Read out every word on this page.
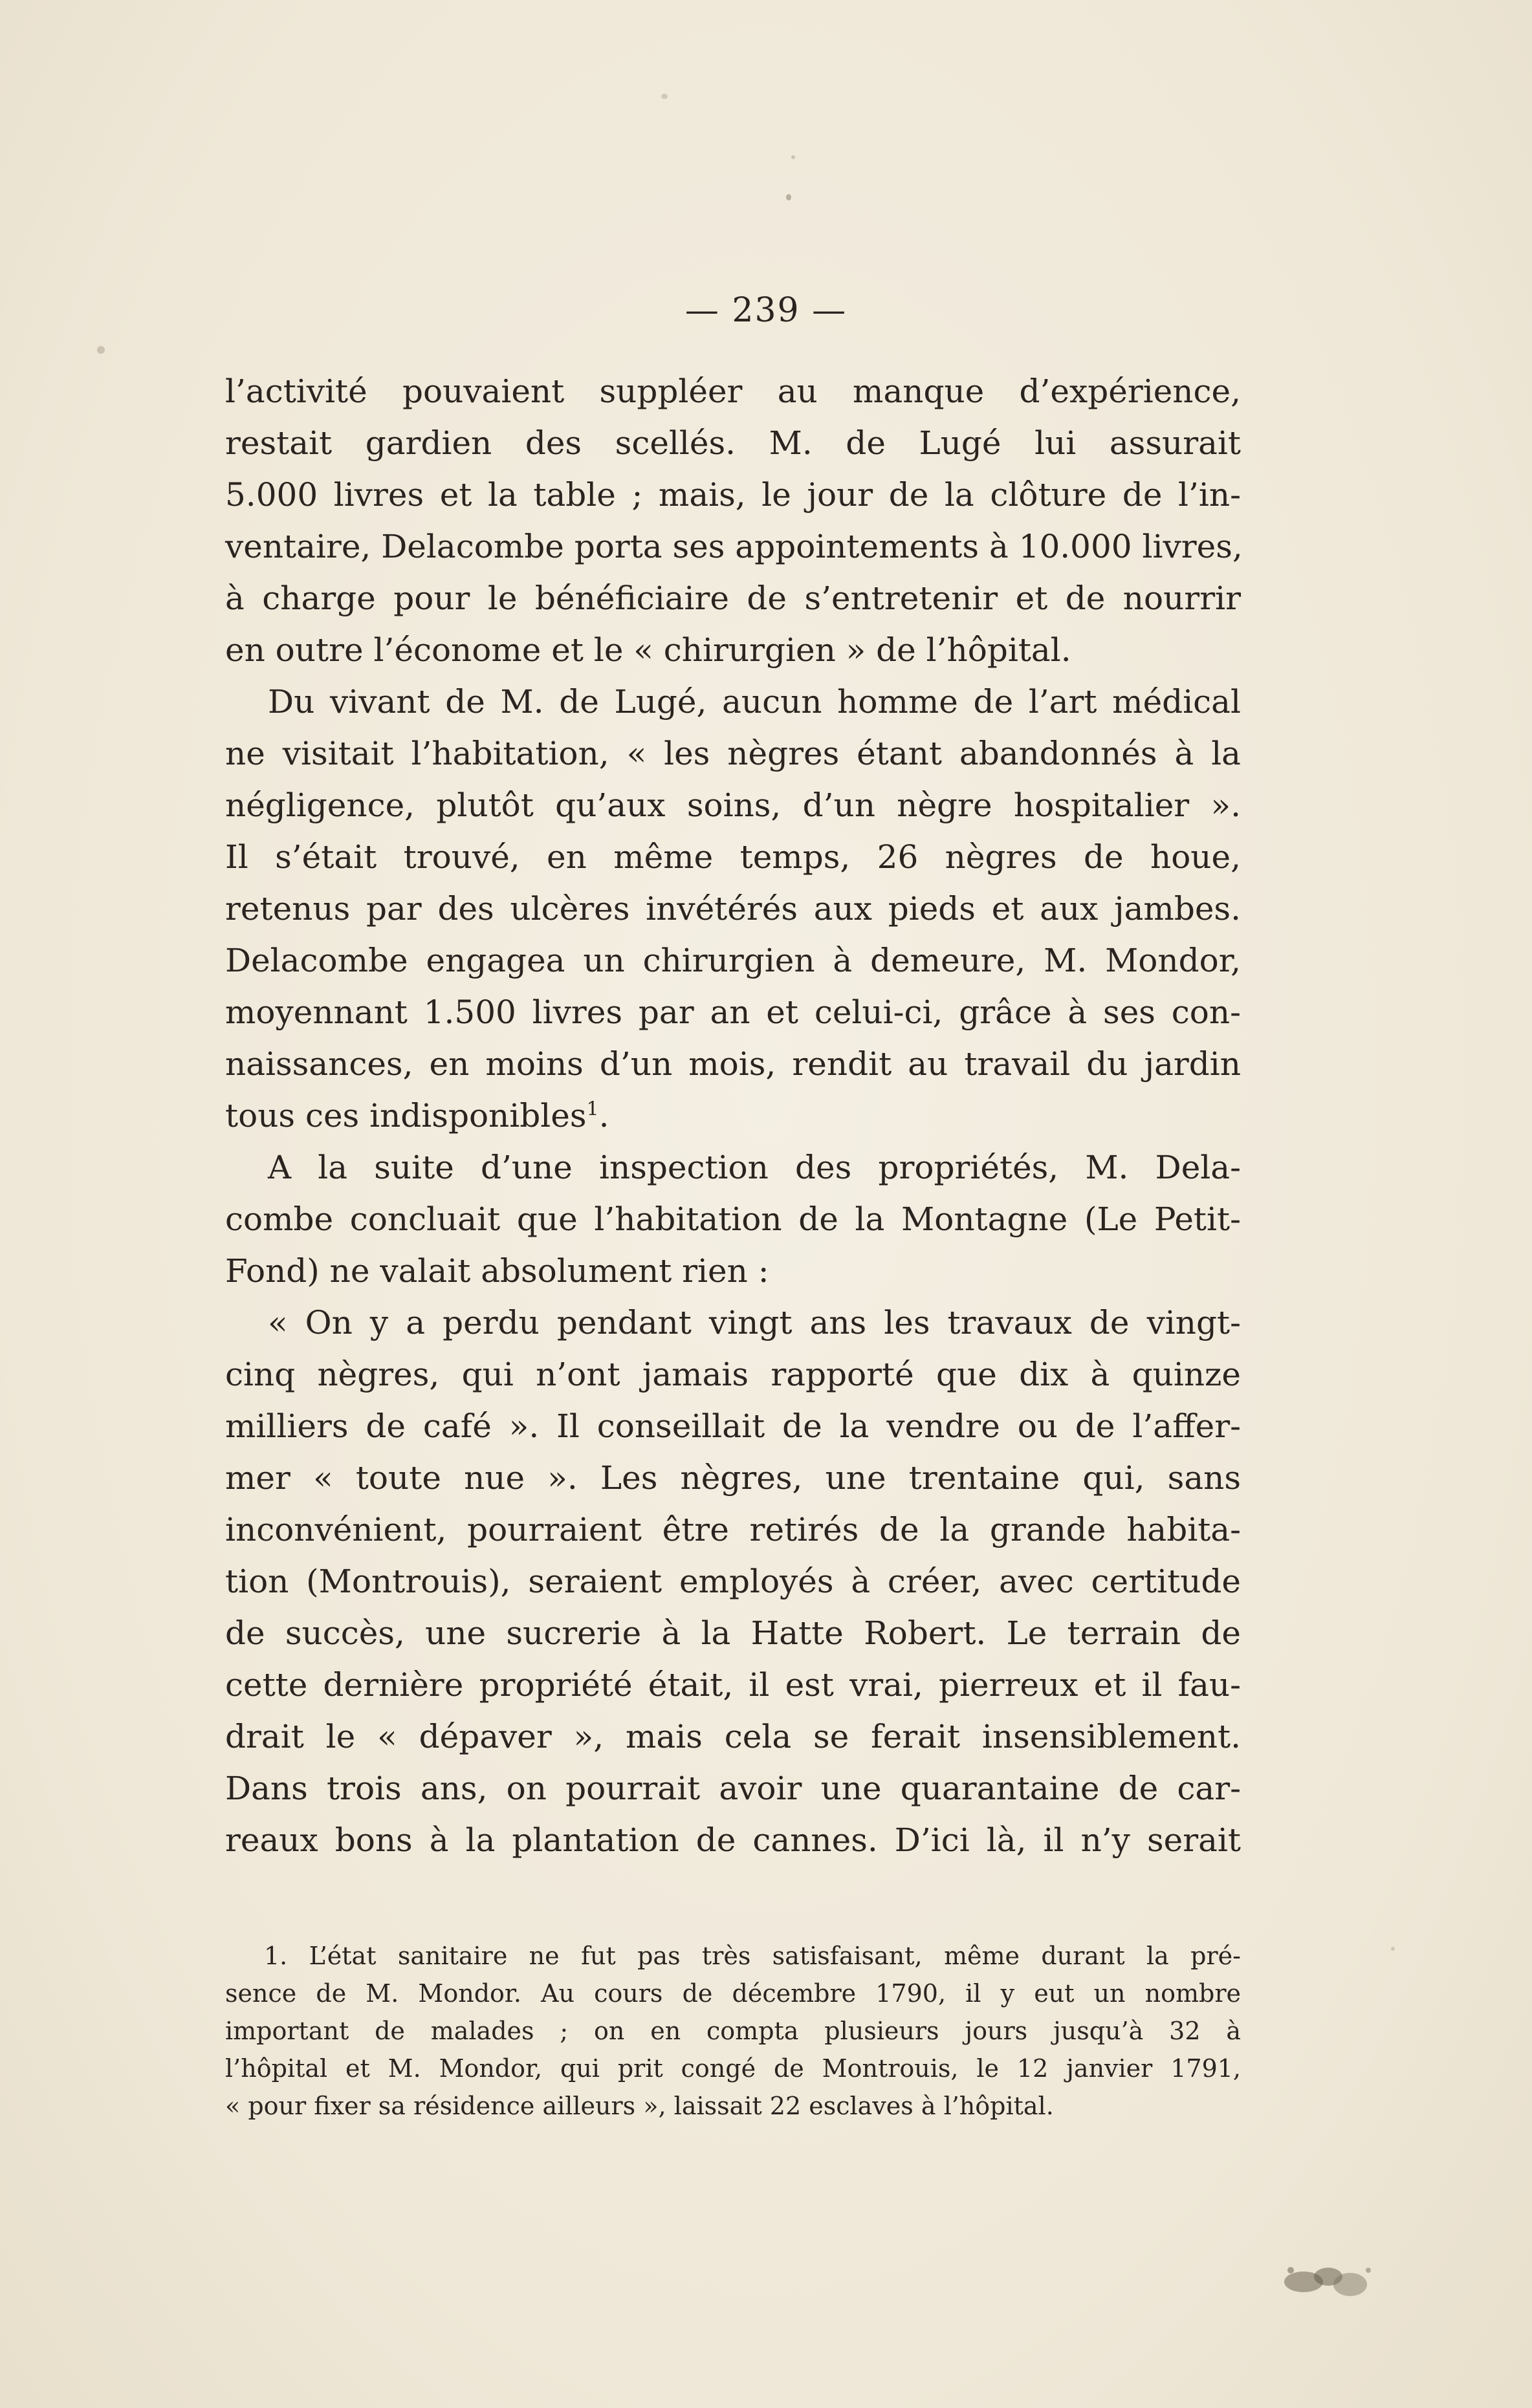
— 239 —
l’activité pouvaient suppléer au manque d’expérience,
restait gardien des scellés. M. de Lugé lui assurait
5.000 livres et la table ; mais, le jour de la clôture de l’in-
ventaire, Delacombe porta ses appointements à 10.000 livres,
à charge pour le bénéficiaire de s’entretenir et de nourrir
en outre l’économe et le « chirurgien » de l’hôpital.
Du vivant de M. de Lugé, aucun homme de l’art médical
ne visitait l’habitation, « les nègres étant abandonnés à la
négligence, plutôt qu’aux soins, d’un nègre hospitalier ».
Il s’était trouvé, en même temps, 26 nègres de houe,
retenus par des ulcères invétérés aux pieds et aux jambes.
Delacombe engagea un chirurgien à demeure, M. Mondor,
moyennant 1.500 livres par an et celui-ci, grâce à ses con-
naissances, en moins d’un mois, rendit au travail du jardin
tous ces indisponibles$^1$.
A la suite d’une inspection des propriétés, M. Dela-
combe concluait que l’habitation de la Montagne (Le Petit-
Fond) ne valait absolument rien :
« On y a perdu pendant vingt ans les travaux de vingt-
cinq nègres, qui n’ont jamais rapporté que dix à quinze
milliers de café ». Il conseillait de la vendre ou de l’affer-
mer « toute nue ». Les nègres, une trentaine qui, sans
inconvénient, pourraient être retirés de la grande habita-
tion (Montrouis), seraient employés à créer, avec certitude
de succès, une sucrerie à la Hatte Robert. Le terrain de
cette dernière propriété était, il est vrai, pierreux et il fau-
drait le « dépaver », mais cela se ferait insensiblement.
Dans trois ans, on pourrait avoir une quarantaine de car-
reaux bons à la plantation de cannes. D’ici là, il n’y serait
1. L’état sanitaire ne fut pas très satisfaisant, même durant la pré-
sence de M. Mondor. Au cours de décembre 1790, il y eut un nombre
important de malades ; on en compta plusieurs jours jusqu’à 32 à
l’hôpital et M. Mondor, qui prit congé de Montrouis, le 12 janvier 1791,
« pour fixer sa résidence ailleurs », laissait 22 esclaves à l’hôpital.
